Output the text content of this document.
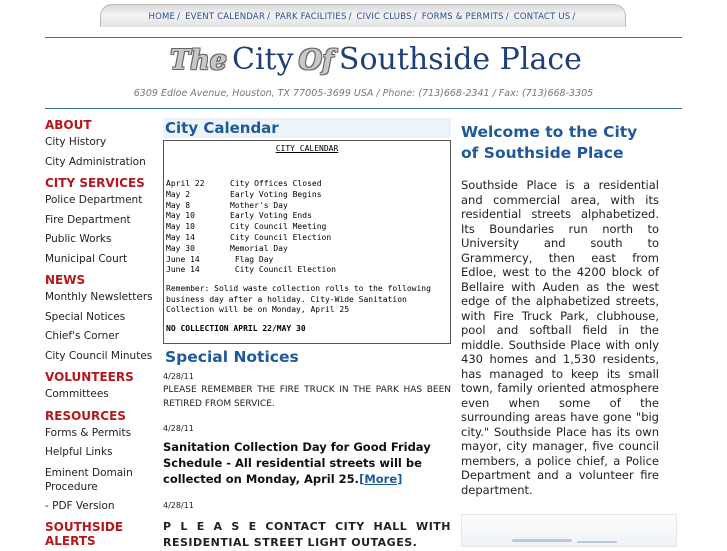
HOME / EVENT CALENDAR / PARK FACILITIES / CIVIC CLUBS / FORMS & PERMITS / CONTACT US /
The City Of Southside Place
6309 Edloe Avenue, Houston, TX 77005-3699 USA / Phone: (713)668-2341 / Fax: (713)668-3305
ABOUT
City History
City Administration
CITY SERVICES
Police Department
Fire Department
Public Works
Municipal Court
NEWS
Monthly Newsletters
Special Notices
Chief's Corner
City Council Minutes
VOLUNTEERS
Committees
RESOURCES
Forms & Permits
Helpful Links
Eminent Domain Procedure
- PDF Version
SOUTHSIDE ALERTS
City Calendar
CITY CALENDAR
April 22	City Offices Closed
May 2	Early Voting Begins
May 8	Mother's Day
May 10	Early Voting Ends
May 10	City Council Meeting
May 14	City Council Election
May 30	Memorial Day
June 14	Flag Day
June 14	City Council Election
Remember: Solid waste collection rolls to the following business day after a holiday. City-Wide Sanitation Collection will be on Monday, April 25
NO COLLECTION APRIL 22/MAY 30
Special Notices
4/28/11
PLEASE REMEMBER THE FIRE TRUCK IN THE PARK HAS BEEN RETIRED FROM SERVICE.
4/28/11
Sanitation Collection Day for Good Friday Schedule - All residential streets will be collected on Monday, April 25.[More]
4/28/11
P L E A S E CONTACT CITY HALL WITH RESIDENTIAL STREET LIGHT OUTAGES.
Welcome to the City of Southside Place
Southside Place is a residential and commercial area, with its residential streets alphabetized. Its Boundaries run north to University and south to Grammercy, then east from Edloe, west to the 4200 block of Bellaire with Auden as the west edge of the alphabetized streets, with Fire Truck Park, clubhouse, pool and softball field in the middle. Southside Place with only 430 homes and 1,530 residents, has managed to keep its small town, family oriented atmosphere even when some of the surrounding areas have gone "big city." Southside Place has its own mayor, city manager, five council members, a police chief, a Police Department and a volunteer fire department.
